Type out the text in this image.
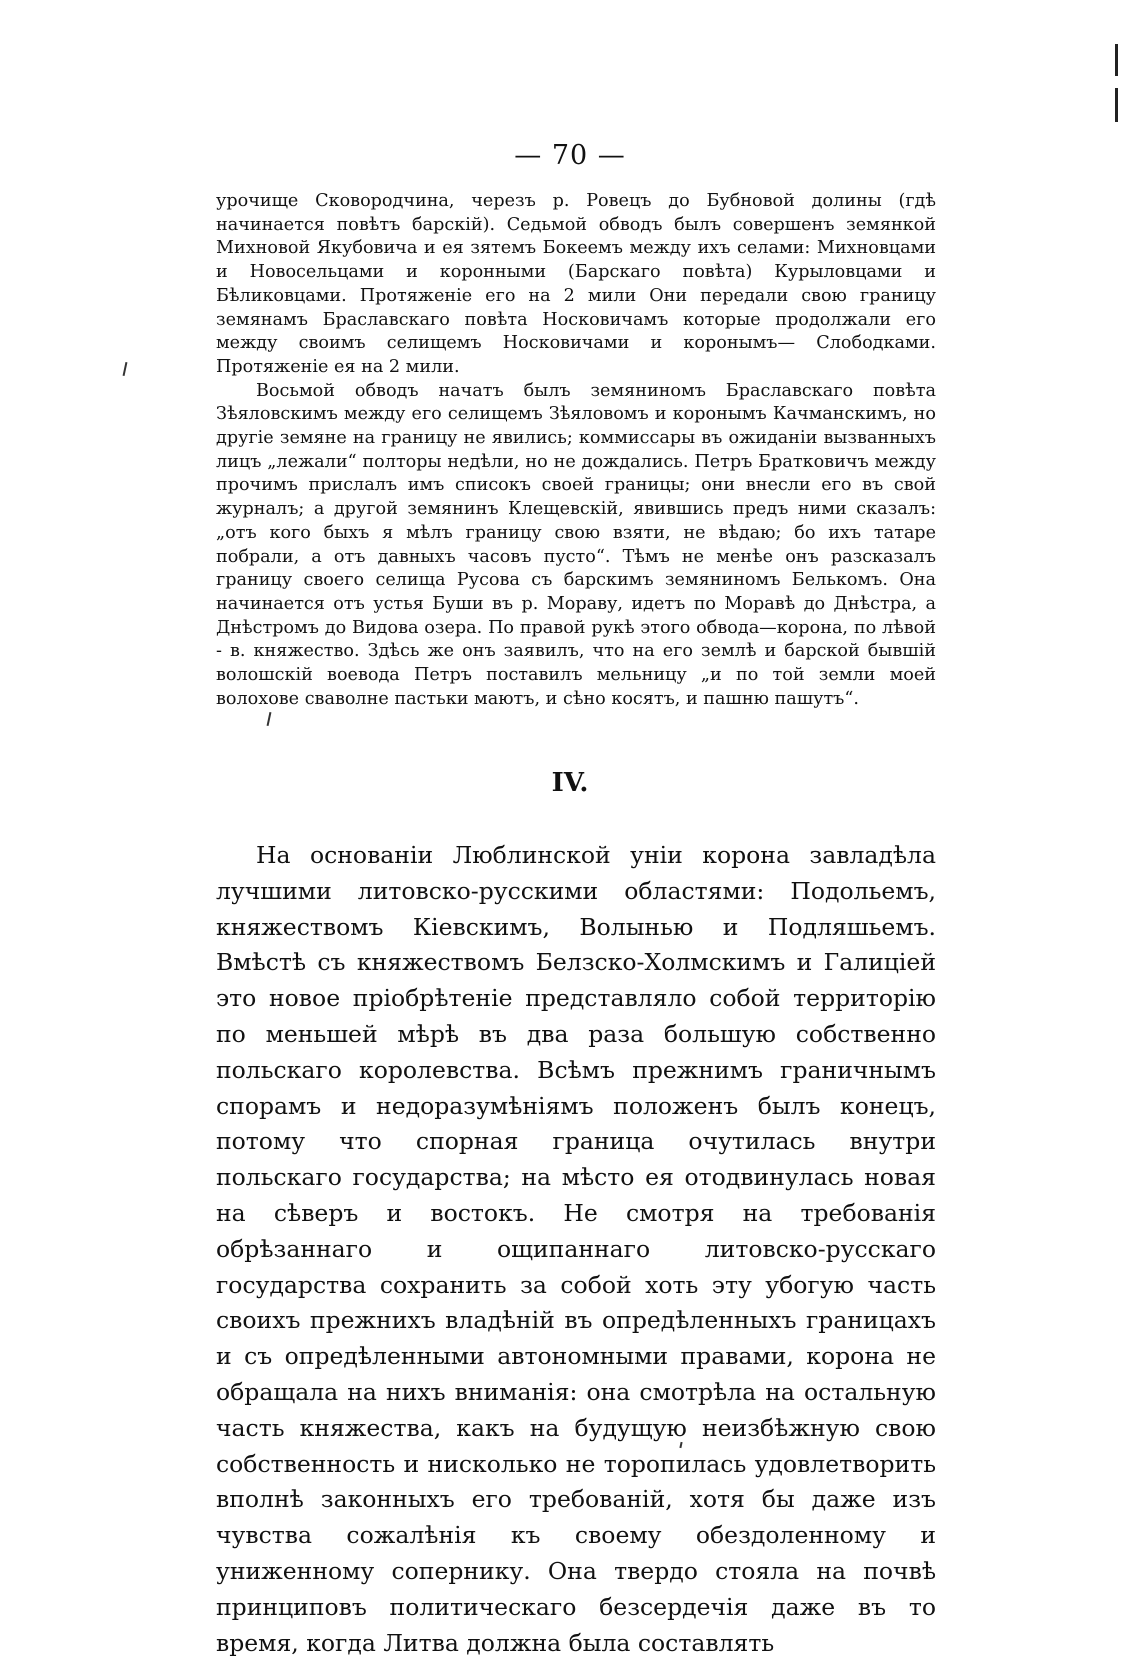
— 70 —

урочище Сковородчина, черезъ р. Ровецъ до Бубновой долины (гдѣ начинается повѣтъ барскій). Седьмой обводъ былъ совершенъ земянкой Михновой Якубовича и ея зятемъ Бокеемъ между ихъ селами: Михновцами и Новосельцами и коронными (Барскаго повѣта) Курыловцами и Бѣликовцами. Протяженіе его на 2 мили Они передали свою границу земянамъ Браславскаго повѣта Носковичамъ которые продолжали его между своимъ селищемъ Носковичами и коронымъ— Слободками. Протяженіе ея на 2 мили.

Восьмой обводъ начатъ былъ земяниномъ Браславскаго повѣта Зѣяловскимъ между его селищемъ Зѣяловомъ и коронымъ Качманскимъ, но другіе земяне на границу не явились; коммиссары въ ожиданіи вызванныхъ лицъ „лежали“ полторы недѣли, но не дождались. Петръ Братковичъ между прочимъ прислалъ имъ списокъ своей границы; они внесли его въ свой журналъ; а другой земянинъ Клещевскій, явившись предъ ними сказалъ: „отъ кого быхъ я мѣлъ границу свою взяти, не вѣдаю; бо ихъ татаре побрали, а отъ давныхъ часовъ пусто“. Тѣмъ не менѣе онъ разсказалъ границу своего селища Русова съ барскимъ земяниномъ Белькомъ. Она начинается отъ устья Буши въ р. Мораву, идетъ по Моравѣ до Днѣстра, а Днѣстромъ до Видова озера. По правой рукѣ этого обвода—корона, по лѣвой - в. княжество. Здѣсь же онъ заявилъ, что на его землѣ и барской бывшій волошскій воевода Петръ поставилъ мельницу „и по той земли моей волохове сваволне пастьки маютъ, и сѣно косятъ, и пашню пашутъ“.

IV.

На основаніи Люблинской уніи корона завладѣла лучшими литовско-русскими областями: Подольемъ, княжествомъ Кіевскимъ, Волынью и Подляшьемъ. Вмѣстѣ съ княжествомъ Белзско-Холмскимъ и Галиціей это новое пріобрѣтеніе представляло собой территорію по меньшей мѣрѣ въ два раза большую собственно польскаго королевства. Всѣмъ прежнимъ граничнымъ спорамъ и недоразумѣніямъ положенъ былъ конецъ, потому что спорная граница очутилась внутри польскаго государства; на мѣсто ея отодвинулась новая на сѣверъ и востокъ. Не смотря на требованія обрѣзаннаго и ощипаннаго литовско-русскаго государства сохранить за собой хоть эту убогую часть своихъ прежнихъ владѣній въ опредѣленныхъ границахъ и съ опредѣленными автономными правами, корона не обращала на нихъ вниманія: она смотрѣла на остальную часть княжества, какъ на будущую неизбѣжную свою собственность и нисколько не торопилась удовлетворить вполнѣ законныхъ его требованій, хотя бы даже изъ чувства сожалѣнія къ своему обездоленному и униженному сопернику. Она твердо стояла на почвѣ принциповъ политическаго безсердечія даже въ то время, когда Литва должна была составлять
